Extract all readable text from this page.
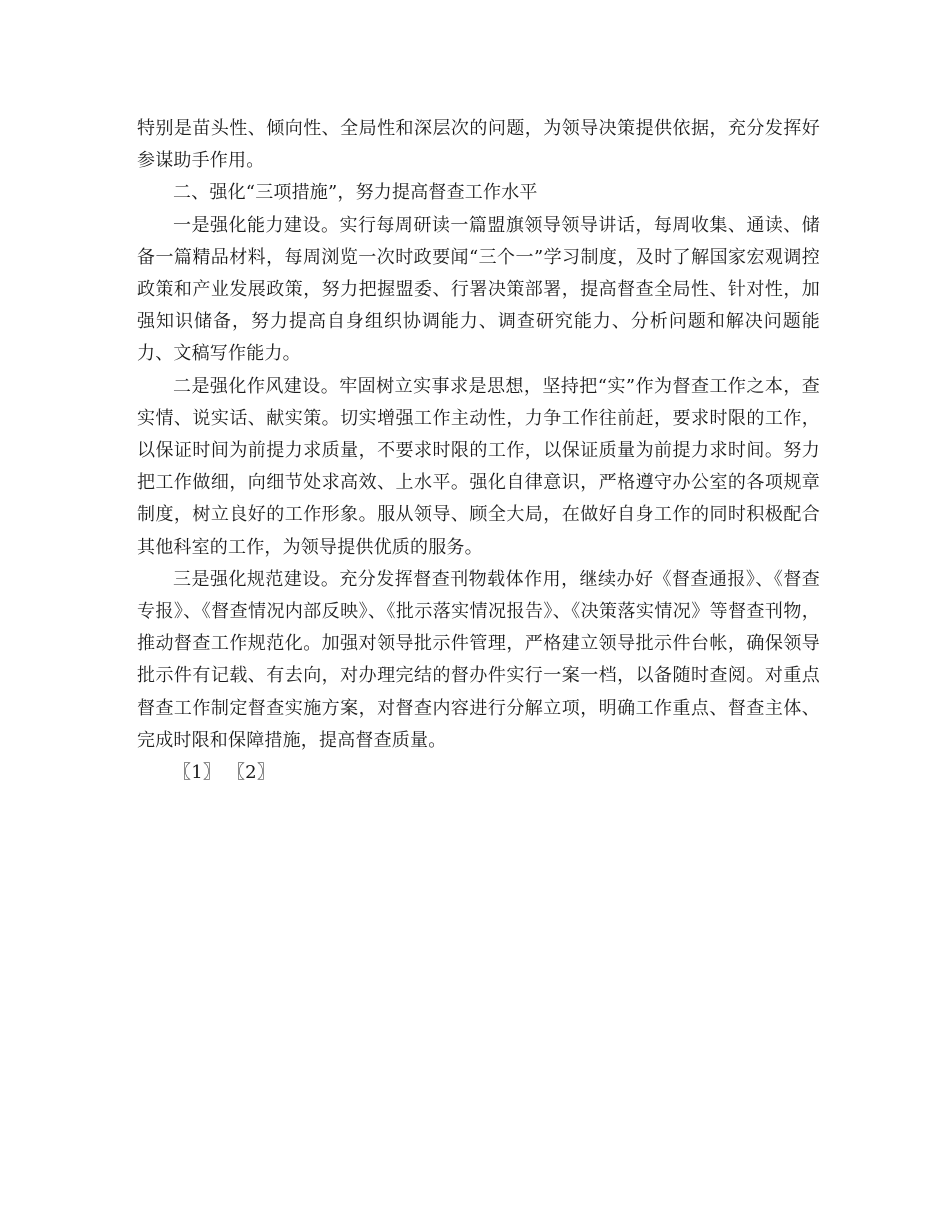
特别是苗头性、倾向性、全局性和深层次的问题，为领导决策提供依据，充分发挥好参谋助手作用。

二、强化“三项措施”，努力提高督查工作水平

一是强化能力建设。实行每周研读一篇盟旗领导领导讲话，每周收集、通读、储备一篇精品材料，每周浏览一次时政要闻“三个一”学习制度，及时了解国家宏观调控政策和产业发展政策，努力把握盟委、行署决策部署，提高督查全局性、针对性，加强知识储备，努力提高自身组织协调能力、调查研究能力、分析问题和解决问题能力、文稿写作能力。

二是强化作风建设。牢固树立实事求是思想，坚持把“实”作为督查工作之本，查实情、说实话、献实策。切实增强工作主动性，力争工作往前赶，要求时限的工作，以保证时间为前提力求质量，不要求时限的工作，以保证质量为前提力求时间。努力把工作做细，向细节处求高效、上水平。强化自律意识，严格遵守办公室的各项规章制度，树立良好的工作形象。服从领导、顾全大局，在做好自身工作的同时积极配合其他科室的工作，为领导提供优质的服务。

三是强化规范建设。充分发挥督查刊物载体作用，继续办好《督查通报》、《督查专报》、《督查情况内部反映》、《批示落实情况报告》、《决策落实情况》等督查刊物，推动督查工作规范化。加强对领导批示件管理，严格建立领导批示件台帐，确保领导批示件有记载、有去向，对办理完结的督办件实行一案一档，以备随时查阅。对重点督查工作制定督查实施方案，对督查内容进行分解立项，明确工作重点、督查主体、完成时限和保障措施，提高督查质量。

〖1〗 〖2〗
